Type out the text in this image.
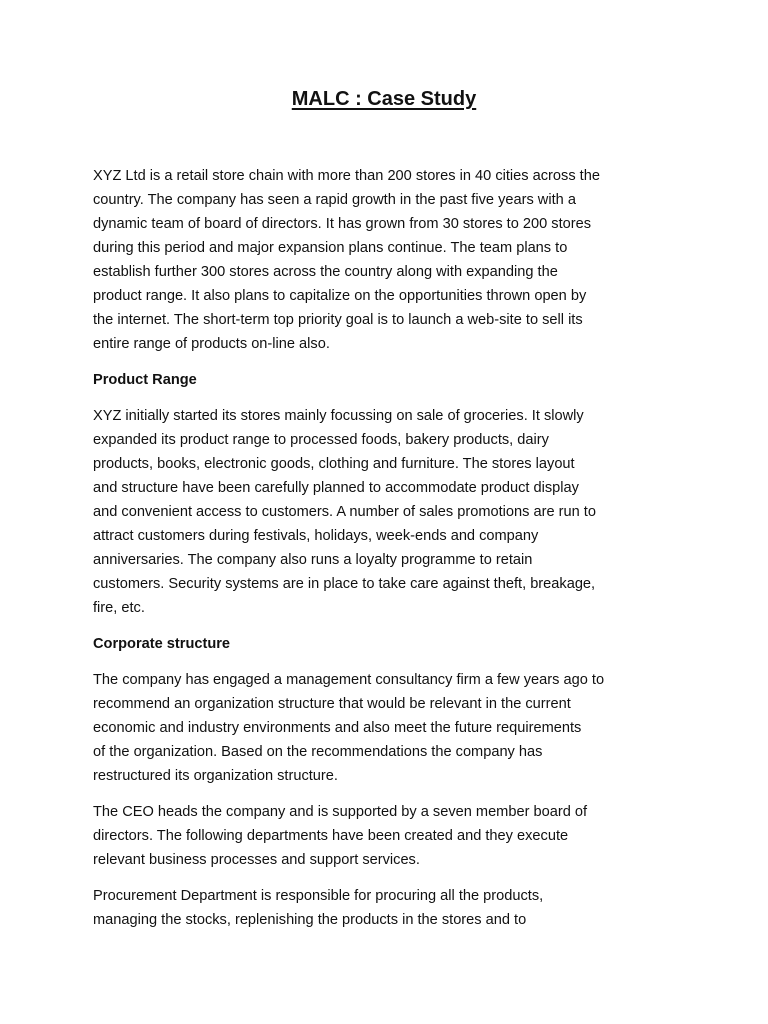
MALC : Case Study

XYZ Ltd is a retail store chain with more than 200 stores in 40 cities across the
country. The company has seen a rapid growth in the past five years with a
dynamic team of board of directors. It has grown from 30 stores to 200 stores
during this period and major expansion plans continue. The team plans to
establish further 300 stores across the country along with expanding the
product range. It also plans to capitalize on the opportunities thrown open by
the internet. The short-term top priority goal is to launch a web-site to sell its
entire range of products on-line also.

Product Range

XYZ initially started its stores mainly focussing on sale of groceries. It slowly
expanded its product range to processed foods, bakery products, dairy
products, books, electronic goods, clothing and furniture. The stores layout
and structure have been carefully planned to accommodate product display
and convenient access to customers. A number of sales promotions are run to
attract customers during festivals, holidays, week-ends and company
anniversaries. The company also runs a loyalty programme to retain
customers. Security systems are in place to take care against theft, breakage,
fire, etc.

Corporate structure

The company has engaged a management consultancy firm a few years ago to
recommend an organization structure that would be relevant in the current
economic and industry environments and also meet the future requirements
of the organization. Based on the recommendations the company has
restructured its organization structure.

The CEO heads the company and is supported by a seven member board of
directors. The following departments have been created and they execute
relevant business processes and support services.

Procurement Department is responsible for procuring all the products,
managing the stocks, replenishing the products in the stores and to
